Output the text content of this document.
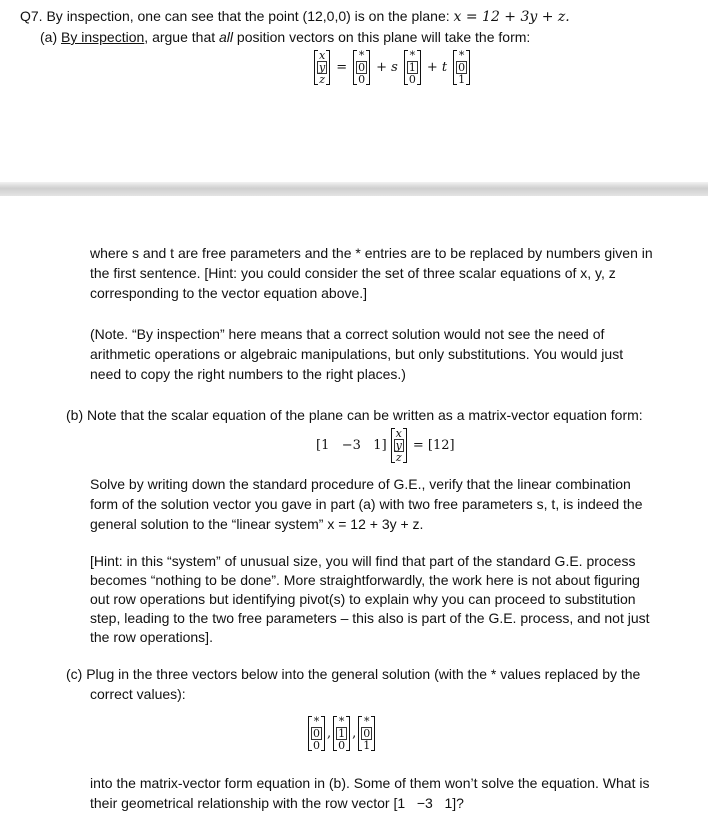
Q7. By inspection, one can see that the point (12,0,0) is on the plane: x = 12 + 3y + z.
(a) By inspection, argue that all position vectors on this plane will take the form:
x
y
z
=
*
0
0
+ s
*
1
0
+ t
*
0
1
where s and t are free parameters and the * entries are to be replaced by numbers given in
the first sentence. [Hint: you could consider the set of three scalar equations of x, y, z
corresponding to the vector equation above.]
(Note. “By inspection” here means that a correct solution would not see the need of
arithmetic operations or algebraic manipulations, but only substitutions. You would just
need to copy the right numbers to the right places.)
(b) Note that the scalar equation of the plane can be written as a matrix-vector equation form:
[1   −3   1]
x
y
z
= [12]
Solve by writing down the standard procedure of G.E., verify that the linear combination
form of the solution vector you gave in part (a) with two free parameters s, t, is indeed the
general solution to the “linear system” x = 12 + 3y + z.
[Hint: in this “system” of unusual size, you will find that part of the standard G.E. process
becomes “nothing to be done”. More straightforwardly, the work here is not about figuring
out row operations but identifying pivot(s) to explain why you can proceed to substitution
step, leading to the two free parameters – this also is part of the G.E. process, and not just
the row operations].
(c) Plug in the three vectors below into the general solution (with the * values replaced by the
correct values):
*
0
0
,
*
1
0
,
*
0
1
into the matrix-vector form equation in (b). Some of them won’t solve the equation. What is
their geometrical relationship with the row vector [1   −3   1]?
